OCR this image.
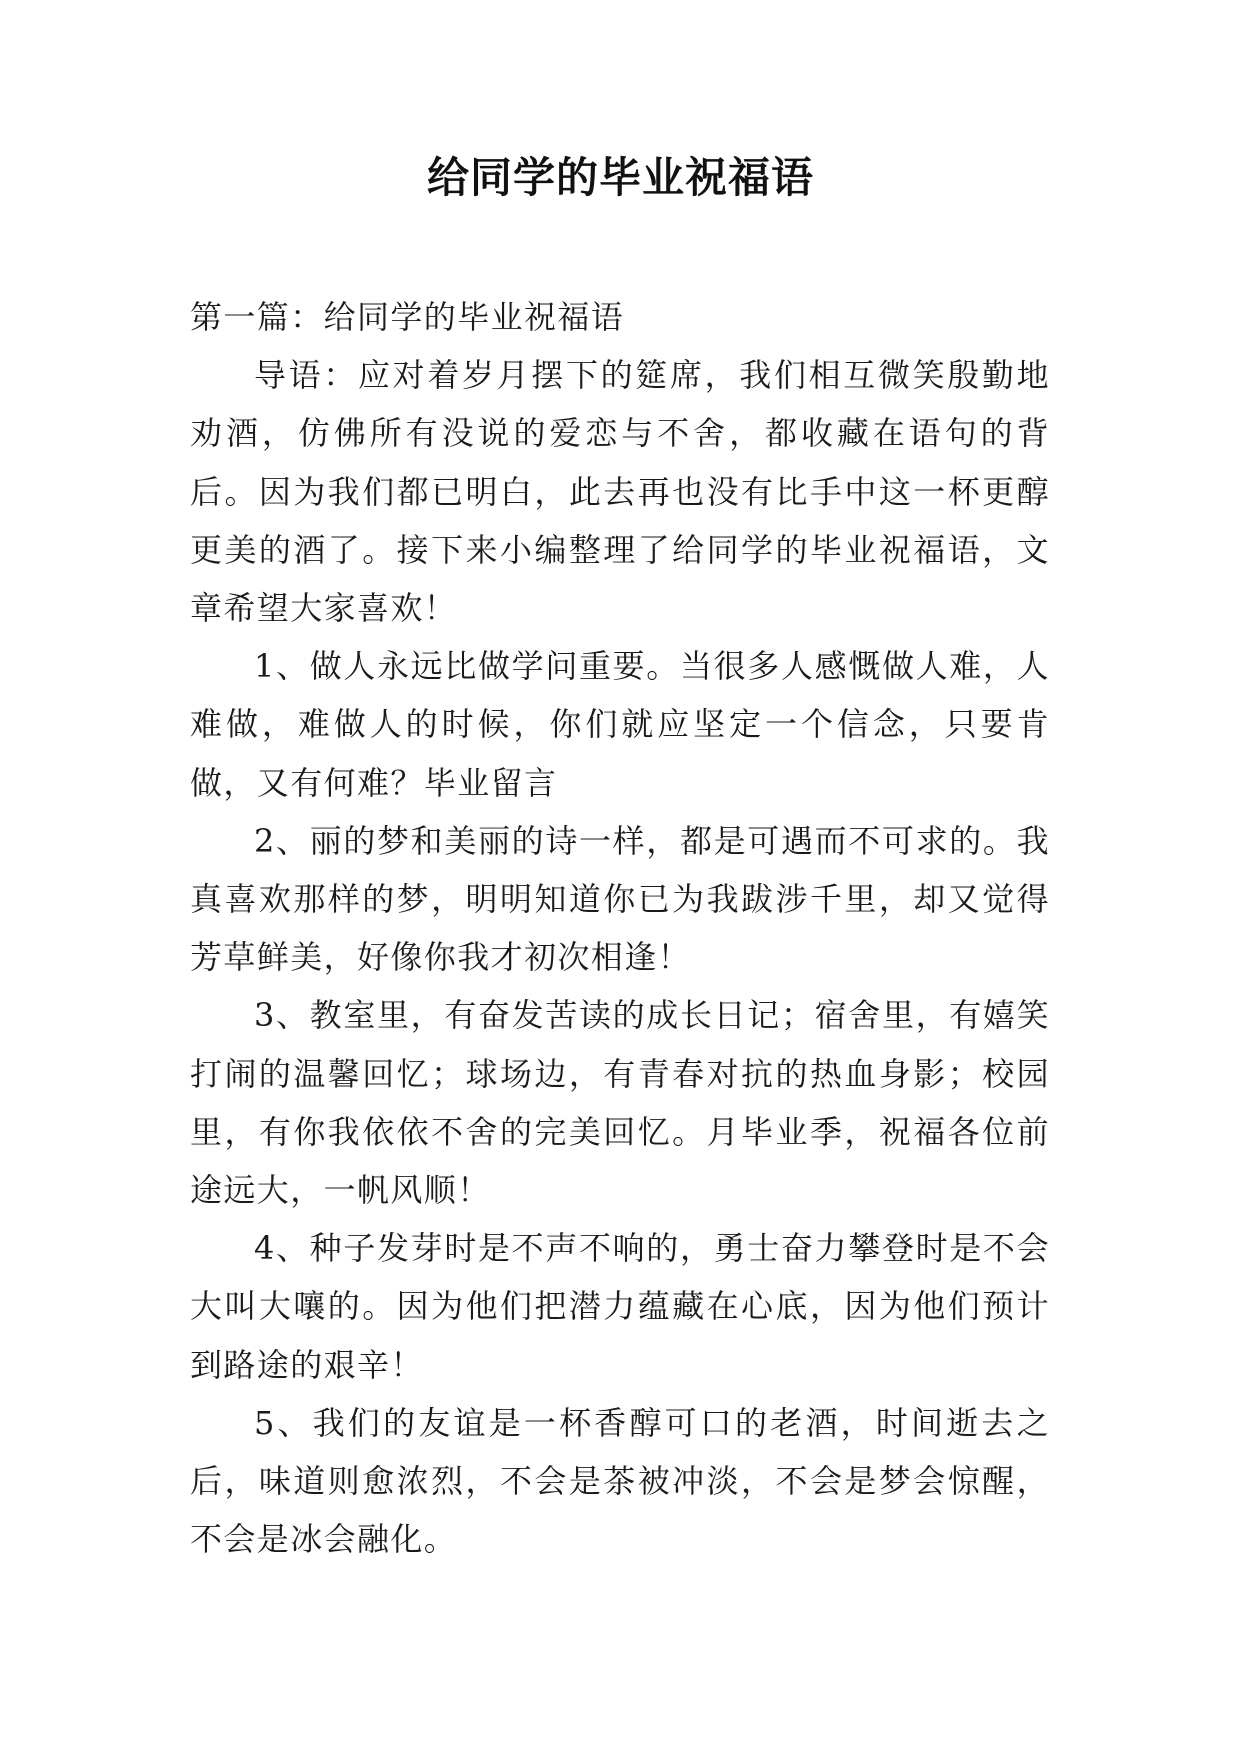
给同学的毕业祝福语

第一篇：给同学的毕业祝福语

导语：应对着岁月摆下的筵席，我们相互微笑殷勤地劝酒，仿佛所有没说的爱恋与不舍，都收藏在语句的背后。因为我们都已明白，此去再也没有比手中这一杯更醇更美的酒了。接下来小编整理了给同学的毕业祝福语，文章希望大家喜欢！

1、做人永远比做学问重要。当很多人感慨做人难，人难做，难做人的时候，你们就应坚定一个信念，只要肯做，又有何难？毕业留言

2、丽的梦和美丽的诗一样，都是可遇而不可求的。我真喜欢那样的梦，明明知道你已为我跋涉千里，却又觉得芳草鲜美，好像你我才初次相逢！

3、教室里，有奋发苦读的成长日记；宿舍里，有嬉笑打闹的温馨回忆；球场边，有青春对抗的热血身影；校园里，有你我依依不舍的完美回忆。月毕业季，祝福各位前途远大，一帆风顺！

4、种子发芽时是不声不响的，勇士奋力攀登时是不会大叫大嚷的。因为他们把潜力蕴藏在心底，因为他们预计到路途的艰辛！

5、我们的友谊是一杯香醇可口的老酒，时间逝去之后，味道则愈浓烈，不会是茶被冲淡，不会是梦会惊醒，不会是冰会融化。
